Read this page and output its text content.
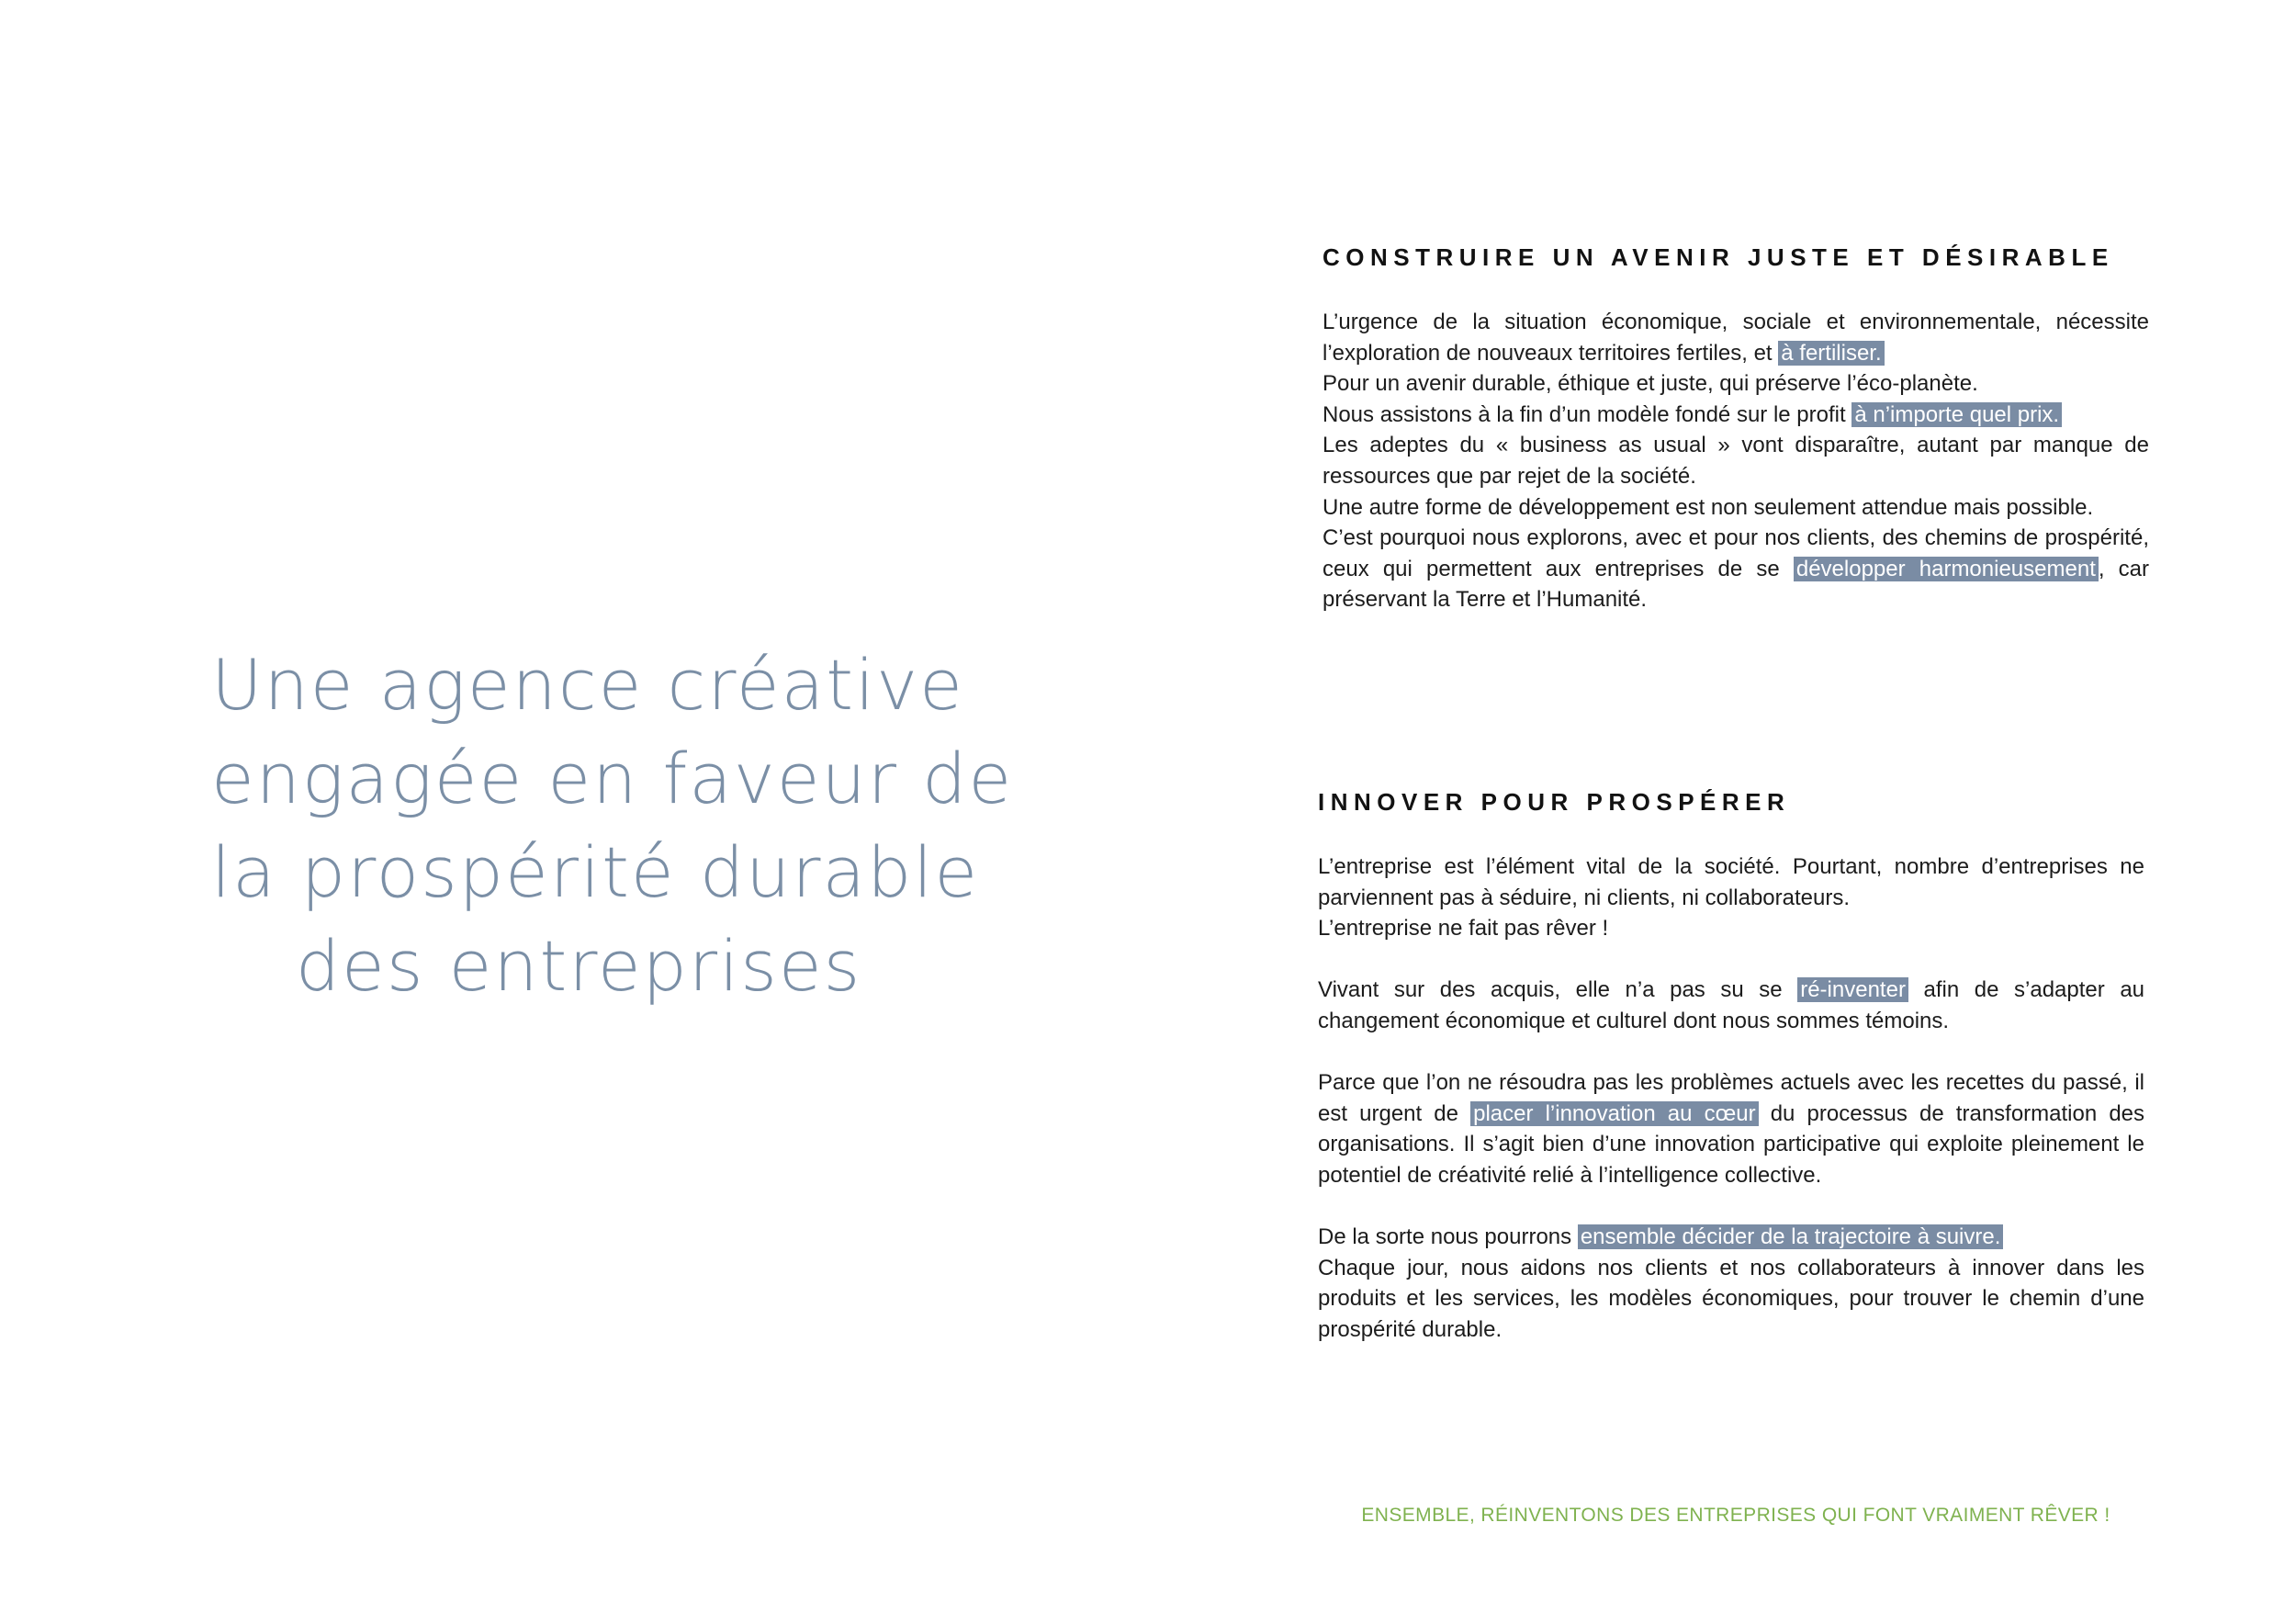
Une agence créative
engagée en faveur de
la prospérité durable
des entreprises
CONSTRUIRE UN AVENIR JUSTE ET DÉSIRABLE

L’urgence de la situation économique, sociale et environnementale, nécessite l’exploration de nouveaux territoires fertiles, et à fertiliser.

Pour un avenir durable, éthique et juste, qui préserve l’éco-planète.

Nous assistons à la fin d’un modèle fondé sur le profit à n’importe quel prix.

Les adeptes du « business as usual » vont disparaître, autant par manque de ressources que par rejet de la société.

Une autre forme de développement est non seulement attendue mais possible.

C’est pourquoi nous explorons, avec et pour nos clients, des chemins de prospérité, ceux qui permettent aux entreprises de se développer harmonieusement , car préservant la Terre et l’Humanité.

INNOVER POUR PROSPÉRER

L’entreprise est l’élément vital de la société. Pourtant, nombre d’entreprises ne parviennent pas à séduire, ni clients, ni collaborateurs.

L’entreprise ne fait pas rêver !

Vivant sur des acquis, elle n’a pas su se ré-inventer afin de s’adapter au changement économique et culturel dont nous sommes témoins.

Parce que l’on ne résoudra pas les problèmes actuels avec les recettes du passé, il est urgent de placer l’innovation au cœur du processus de transformation des organisations. Il s’agit bien d’une innovation participative qui exploite pleinement le potentiel de créativité relié à l’intelligence collective.

De la sorte nous pourrons ensemble décider de la trajectoire à suivre.

Chaque jour, nous aidons nos clients et nos collaborateurs à innover dans les produits et les services, les modèles économiques, pour trouver le chemin d’une prospérité durable.

ENSEMBLE, RÉINVENTONS DES ENTREPRISES QUI FONT VRAIMENT RÊVER !
